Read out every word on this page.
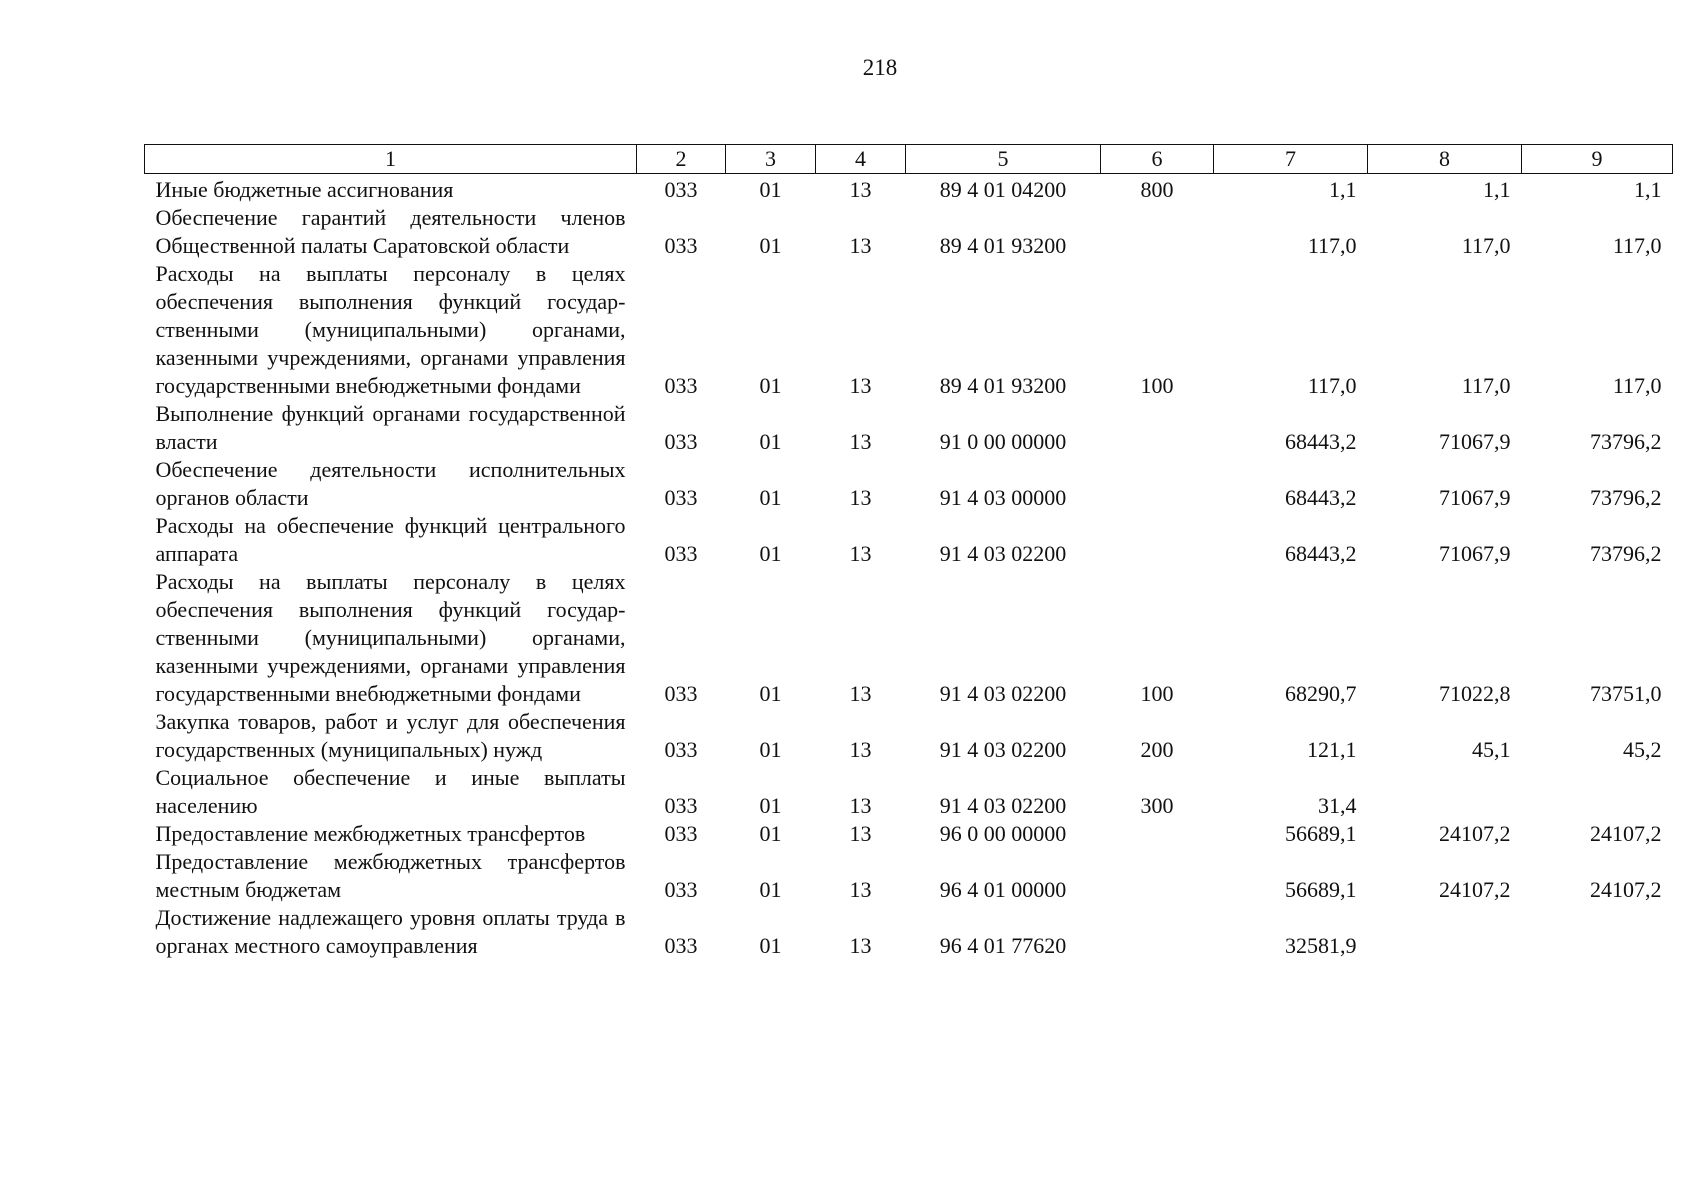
218
1	2	3	4	5	6	7	8	9
Иные бюджетные ассигнования	033	01	13	89 4 01 04200	800	1,1	1,1	1,1
Обеспечение гарантий деятельности членов Общественной палаты Саратовской области	033	01	13	89 4 01 93200		117,0	117,0	117,0
Расходы на выплаты персоналу в целях обеспечения выполнения функций государственными (муниципальными) органами, казенными учреждениями, органами управления государственными внебюджетными фондами	033	01	13	89 4 01 93200	100	117,0	117,0	117,0
Выполнение функций органами государственной власти	033	01	13	91 0 00 00000		68443,2	71067,9	73796,2
Обеспечение деятельности исполнительных органов области	033	01	13	91 4 03 00000		68443,2	71067,9	73796,2
Расходы на обеспечение функций центрального аппарата	033	01	13	91 4 03 02200		68443,2	71067,9	73796,2
Расходы на выплаты персоналу в целях обеспечения выполнения функций государственными (муниципальными) органами, казенными учреждениями, органами управления государственными внебюджетными фондами	033	01	13	91 4 03 02200	100	68290,7	71022,8	73751,0
Закупка товаров, работ и услуг для обеспечения государственных (муниципальных) нужд	033	01	13	91 4 03 02200	200	121,1	45,1	45,2
Социальное обеспечение и иные выплаты населению	033	01	13	91 4 03 02200	300	31,4		
Предоставление межбюджетных трансфертов	033	01	13	96 0 00 00000		56689,1	24107,2	24107,2
Предоставление межбюджетных трансфертов местным бюджетам	033	01	13	96 4 01 00000		56689,1	24107,2	24107,2
Достижение надлежащего уровня оплаты труда в органах местного самоуправления	033	01	13	96 4 01 77620		32581,9		
